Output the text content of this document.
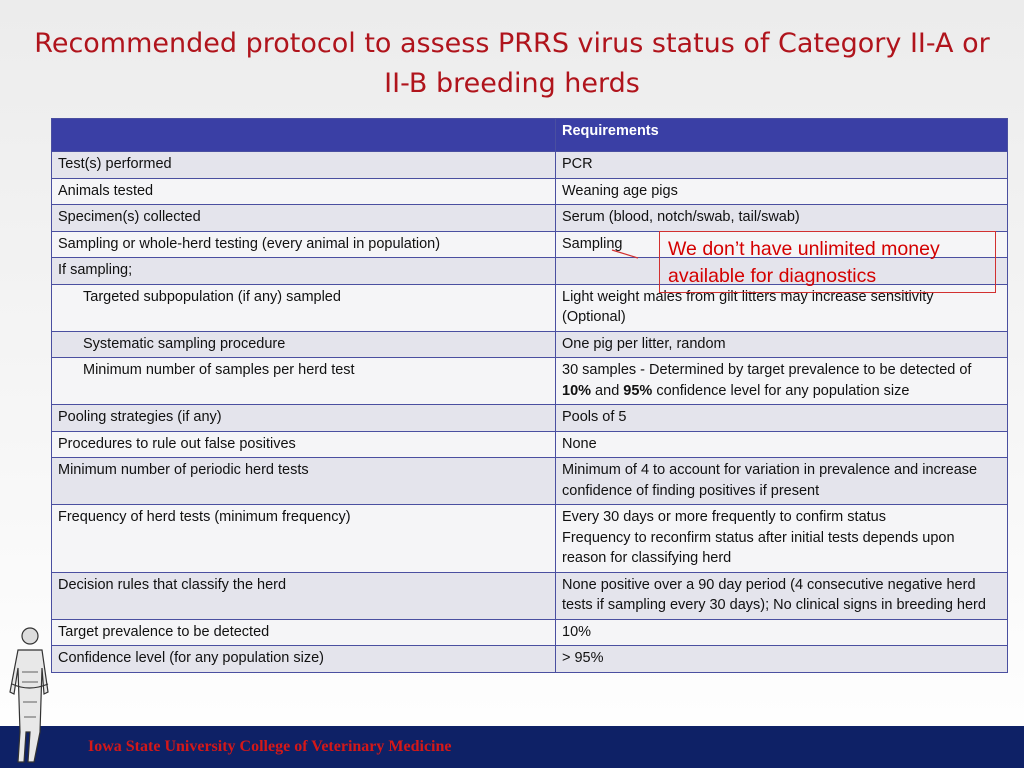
Recommended protocol to assess PRRS virus status of Category II-A or II-B breeding herds
	Requirements
Test(s) performed	PCR
Animals tested	Weaning age pigs
Specimen(s) collected	Serum (blood, notch/swab, tail/swab)
Sampling or whole-herd testing (every animal in population)	Sampling
If sampling;	
Targeted subpopulation (if any) sampled	Light weight males from gilt litters may increase sensitivity (Optional)
Systematic sampling procedure	One pig per litter, random
Minimum number of samples per herd test	30 samples - Determined by target prevalence to be detected of 10% and 95% confidence level for any population size
Pooling strategies (if any)	Pools of 5
Procedures to rule out false positives	None
Minimum number of periodic herd tests	Minimum of 4 to account for variation in prevalence and increase confidence of finding positives if present
Frequency of herd tests (minimum frequency)	Every 30 days or more frequently to confirm status
Frequency to reconfirm status after initial tests depends upon reason for classifying herd

Decision rules that classify the herd	None positive over a 90 day period (4 consecutive negative herd tests if sampling every 30 days); No clinical signs in breeding herd
Target prevalence to be detected	10%
Confidence level (for any population size)	> 95%
We don’t have unlimited money available for diagnostics
Iowa State University College of Veterinary Medicine
